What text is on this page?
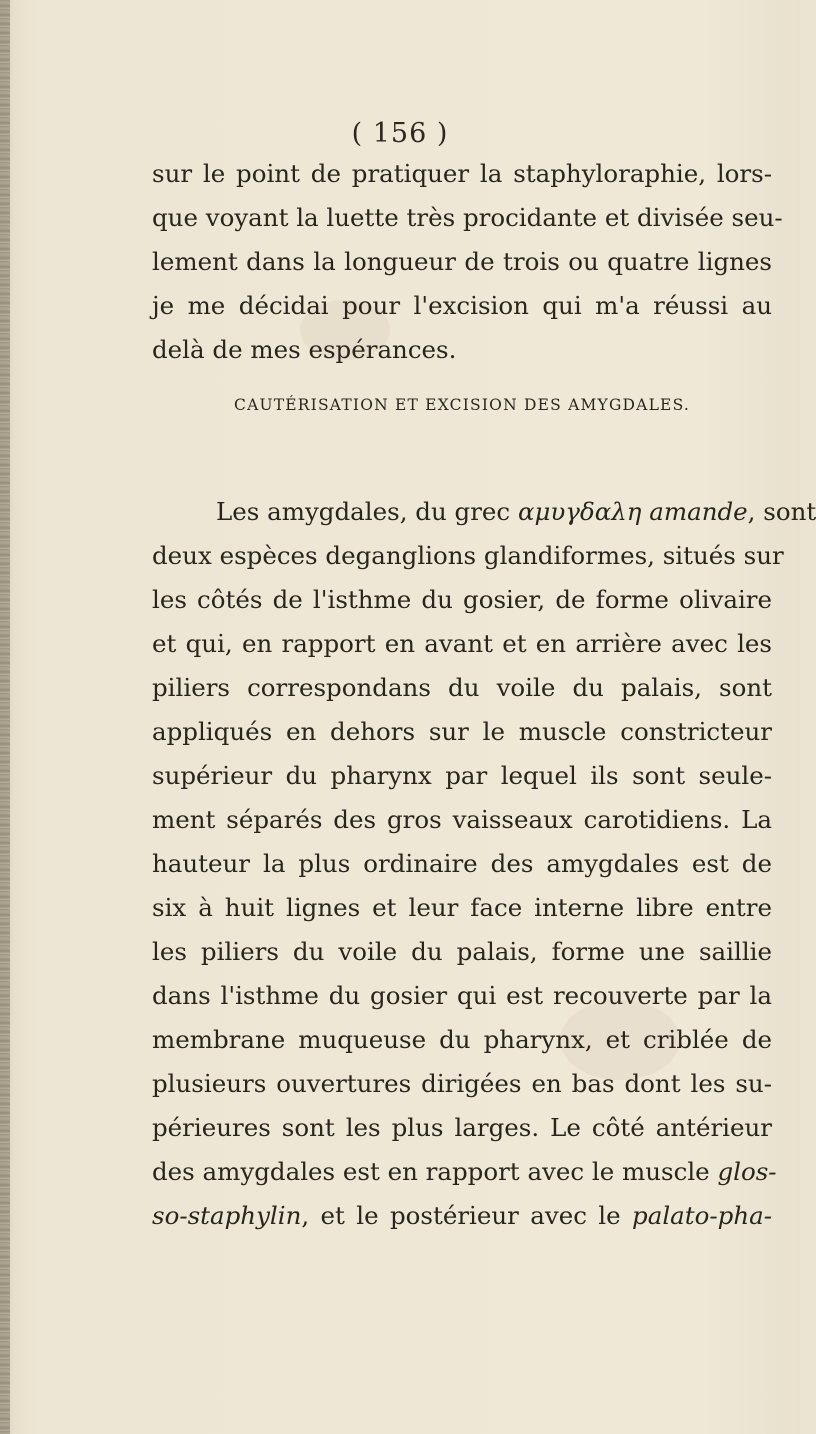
( 156 )
sur le point de pratiquer la staphyloraphie, lors-
que voyant la luette très procidante et divisée seu-
lement dans la longueur de trois ou quatre lignes
je me décidai pour l'excision qui m'a réussi au
delà de mes espérances.
CAUTÉRISATION ET EXCISION DES AMYGDALES.
Les amygdales, du grec αμυγδαλη amande, sont
deux espèces deganglions glandiformes, situés sur
les côtés de l'isthme du gosier, de forme olivaire
et qui, en rapport en avant et en arrière avec les
piliers correspondans du voile du palais, sont
appliqués en dehors sur le muscle constricteur
supérieur du pharynx par lequel ils sont seule-
ment séparés des gros vaisseaux carotidiens. La
hauteur la plus ordinaire des amygdales est de
six à huit lignes et leur face interne libre entre
les piliers du voile du palais, forme une saillie
dans l'isthme du gosier qui est recouverte par la
membrane muqueuse du pharynx, et criblée de
plusieurs ouvertures dirigées en bas dont les su-
périeures sont les plus larges. Le côté antérieur
des amygdales est en rapport avec le muscle glos-
so-staphylin, et le postérieur avec le palato-pha-
